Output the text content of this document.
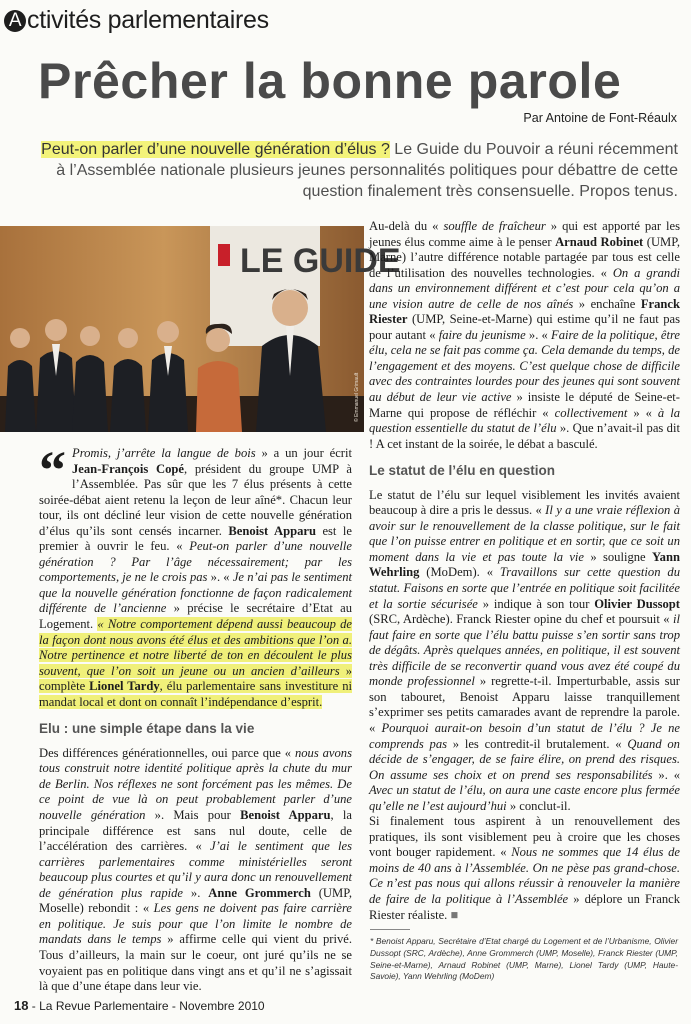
A ctivités parlementaires
Prêcher la bonne parole
Par Antoine de Font-Réaulx
Peut-on parler d’une nouvelle génération d’élus ? Le Guide du Pouvoir a réuni récemment à l’Assemblée nationale plusieurs jeunes personnalités politiques pour débattre de cette question finalement très consensuelle. Propos tenus.
LE GUIDE
© Emmanuel Grimault

“ Promis, j’arrête la langue de bois » a un jour écrit Jean-François Copé, président du groupe UMP à l’Assemblée. Pas sûr que les 7 élus présents à cette soirée-débat aient retenu la leçon de leur aîné*. Chacun leur tour, ils ont décliné leur vision de cette nouvelle génération d’élus qu’ils sont censés incarner. Benoist Apparu est le premier à ouvrir le feu. « Peut-on parler d’une nouvelle génération ? Par l’âge nécessairement; par les comportements, je ne le crois pas ». « Je n’ai pas le sentiment que la nouvelle génération fonctionne de façon radicalement différente de l’ancienne » précise le secrétaire d’Etat au Logement. « Notre comportement dépend aussi beaucoup de la façon dont nous avons été élus et des ambitions que l’on a. Notre pertinence et notre liberté de ton en découlent le plus souvent, que l’on soit un jeune ou un ancien d’ailleurs » complète Lionel Tardy, élu parlementaire sans investiture ni mandat local et dont on connaît l’indépendance d’esprit.

Elu : une simple étape dans la vie

Des différences générationnelles, oui parce que « nous avons tous construit notre identité politique après la chute du mur de Berlin. Nos réflexes ne sont forcément pas les mêmes. De ce point de vue là on peut probablement parler d’une nouvelle génération ». Mais pour Benoist Apparu, la principale différence est sans nul doute, celle de l’accélération des carrières. « J’ai le sentiment que les carrières parlementaires comme ministérielles seront beaucoup plus courtes et qu’il y aura donc un renouvellement de génération plus rapide ». Anne Grommerch (UMP, Moselle) rebondit : « Les gens ne doivent pas faire carrière en politique. Je suis pour que l’on limite le nombre de mandats dans le temps » affirme celle qui vient du privé. Tous d’ailleurs, la main sur le coeur, ont juré qu’ils ne se voyaient pas en politique dans vingt ans et qu’il ne s’agissait là que d’une étape dans leur vie.

Au-delà du « souffle de fraîcheur » qui est apporté par les jeunes élus comme aime à le penser Arnaud Robinet (UMP, Marne) l’autre différence notable partagée par tous est celle de l’utilisation des nouvelles technologies. « On a grandi dans un environnement différent et c’est pour cela qu’on a une vision autre de celle de nos aînés » enchaîne Franck Riester (UMP, Seine-et-Marne) qui estime qu’il ne faut pas pour autant « faire du jeunisme ». « Faire de la politique, être élu, cela ne se fait pas comme ça. Cela demande du temps, de l’engagement et des moyens. C’est quelque chose de difficile avec des contraintes lourdes pour des jeunes qui sont souvent au début de leur vie active » insiste le député de Seine-et-Marne qui propose de réfléchir « collectivement » « à la question essentielle du statut de l’élu ». Que n’avait-il pas dit ! A cet instant de la soirée, le débat a basculé.

Le statut de l’élu en question

Le statut de l’élu sur lequel visiblement les invités avaient beaucoup à dire a pris le dessus. « Il y a une vraie réflexion à avoir sur le renouvellement de la classe politique, sur le fait que l’on puisse entrer en politique et en sortir, que ce soit un moment dans la vie et pas toute la vie » souligne Yann Wehrling (MoDem). « Travaillons sur cette question du statut. Faisons en sorte que l’entrée en politique soit facilitée et la sortie sécurisée » indique à son tour Olivier Dussopt (SRC, Ardèche). Franck Riester opine du chef et poursuit « il faut faire en sorte que l’élu battu puisse s’en sortir sans trop de dégâts. Après quelques années, en politique, il est souvent très difficile de se reconvertir quand vous avez été coupé du monde professionnel » regrette-t-il. Imperturbable, assis sur son tabouret, Benoist Apparu laisse tranquillement s’exprimer ses petits camarades avant de reprendre la parole. « Pourquoi aurait-on besoin d’un statut de l’élu ? Je ne comprends pas » les contredit-il brutalement. « Quand on décide de s’engager, de se faire élire, on prend des risques. On assume ses choix et on prend ses responsabilités ». « Avec un statut de l’élu, on aura une caste encore plus fermée qu’elle ne l’est aujourd’hui » conclut-il.

Si finalement tous aspirent à un renouvellement des pratiques, ils sont visiblement peu à croire que les choses vont bouger rapidement. « Nous ne sommes que 14 élus de moins de 40 ans à l’Assemblée. On ne pèse pas grand-chose. Ce n’est pas nous qui allons réussir à renouveler la manière de faire de la politique à l’Assemblée » déplore un Franck Riester réaliste. ■

* Benoist Apparu, Secrétaire d’Etat chargé du Logement et de l’Urbanisme, Olivier Dussopt (SRC, Ardèche), Anne Grommerch (UMP, Moselle), Franck Riester (UMP, Seine-et-Marne), Arnaud Robinet (UMP, Marne), Lionel Tardy (UMP, Haute-Savoie), Yann Wehrling (MoDem)
18 - La Revue Parlementaire - Novembre 2010
